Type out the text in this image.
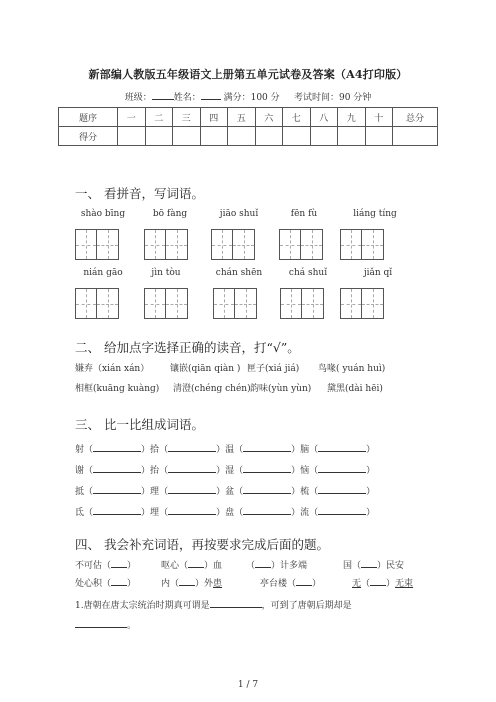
新部编人教版五年级语文上册第五单元试卷及答案（A4打印版）
班级： 姓名：	满分：100 分 考试时间：90 分钟
题序	一	二	三	四	五	六	七	八	九	十	总分
得分											
一、 看拼音，写词语。
shào bīng	bō fàng	jiāo shuǐ	fēn fù	liáng tíng
nián gāo	jìn tòu	chán shēn	chá shuǐ	jiǎn qǐ
二、 给加点字选择正确的读音，打“√”。
嫌弃（xián xán） 镶嵌(qiān qiàn ) 匣子(xiá jiá) 鸟喙( yuán huì)
相框(kuāng kuàng) 清澄(chéng chén) 韵味(yùn yùn) 黛黑(dài hēi)
三、 比一比组成词语。
射（	）拾（	）温（	）脑（	）
谢（	）抬（	）湿（	）恼（	）
抵（	）理（	）盆（	）梳（	）
氐（	）埋（	）盘（	）流（	）
四、 我会补充词语，再按要求完成后面的题。
不可估（ ）	呕心（ ）血	（ ）计多端	国（ ）民安
处心积（ ）	内（ ）外患	亭台楼（ ）	无（ ）无束
1.唐朝在唐太宗统治时期真可谓是	，可到了唐朝后期却是
。
1 / 7
